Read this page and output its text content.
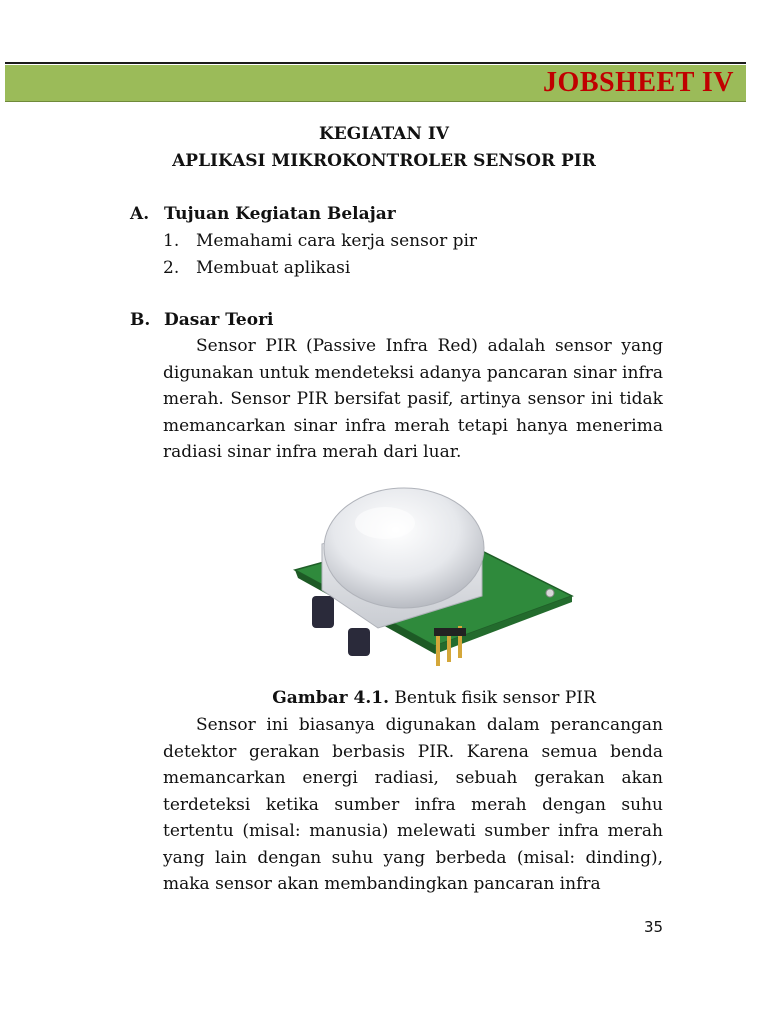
JOBSHEET IV
KEGIATAN IV
APLIKASI MIKROKONTROLER SENSOR PIR
A. Tujuan Kegiatan Belajar
1. Memahami cara kerja sensor pir
2. Membuat aplikasi
B. Dasar Teori

Sensor PIR (Passive Infra Red) adalah sensor yang digunakan untuk mendeteksi adanya pancaran sinar infra merah. Sensor PIR bersifat pasif, artinya sensor ini tidak memancarkan sinar infra merah tetapi hanya menerima radiasi sinar infra merah dari luar.

Gambar 4.1. Bentuk fisik sensor PIR

Sensor ini biasanya digunakan dalam perancangan detektor gerakan berbasis PIR. Karena semua benda memancarkan energi radiasi, sebuah gerakan akan terdeteksi ketika sumber infra merah dengan suhu tertentu (misal: manusia) melewati sumber infra merah yang lain dengan suhu yang berbeda (misal: dinding), maka sensor akan membandingkan pancaran infra

35
